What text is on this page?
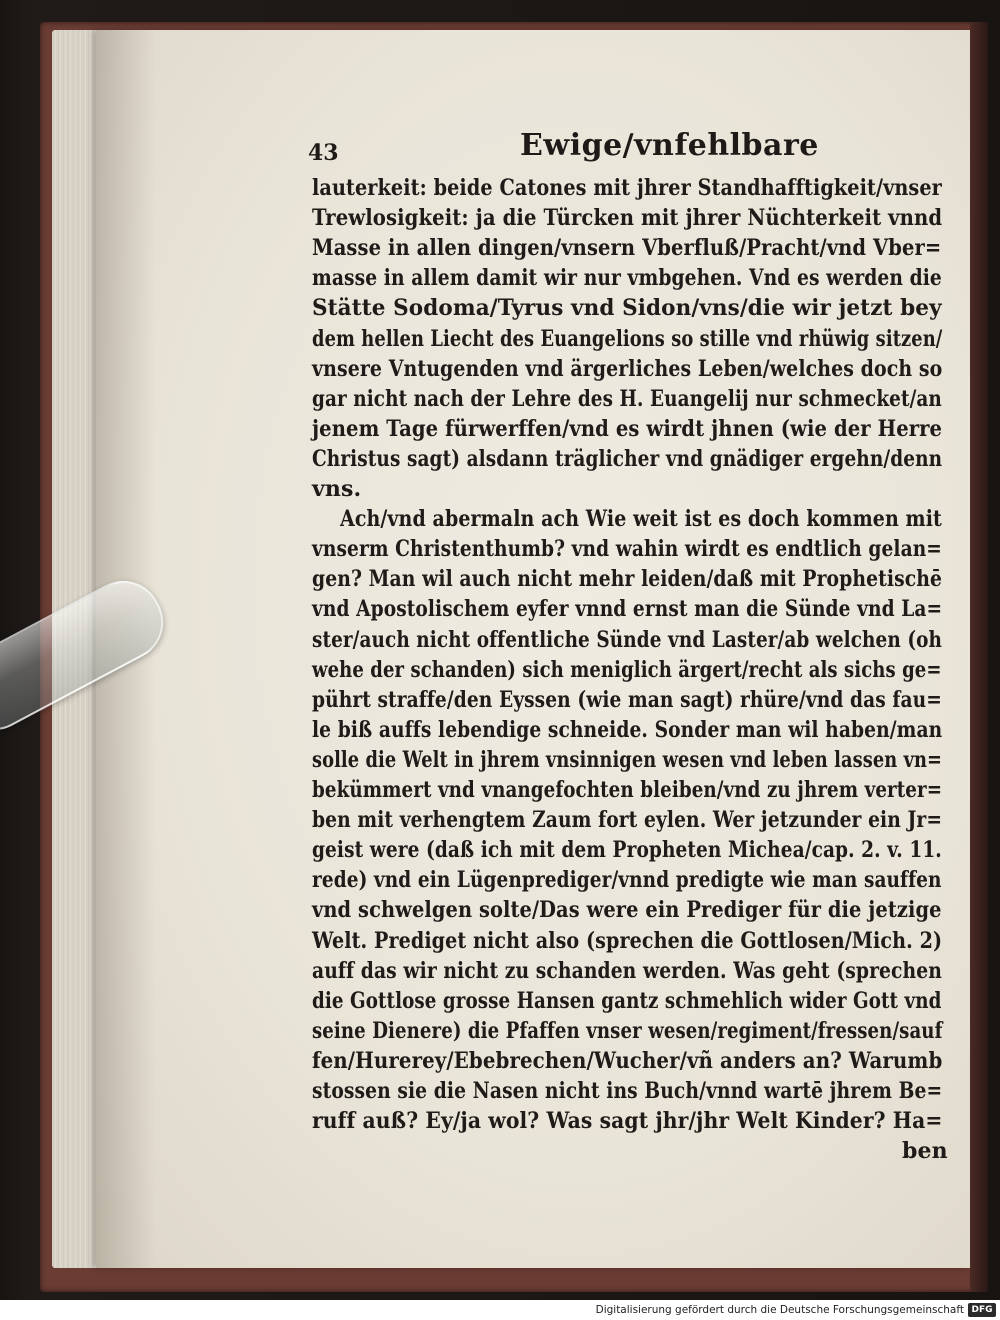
43	Ewige/vnfehlbare
lauterkeit: beide Catones mit jhrer Standhafftigkeit/vnser
Trewlosigkeit: ja die Türcken mit jhrer Nüchterkeit vnnd
Masse in allen dingen/vnsern Vberfluß/Pracht/vnd Vber=
masse in allem damit wir nur vmbgehen. Vnd es werden die
Stätte Sodoma/Tyrus vnd Sidon/vns/die wir jetzt bey
dem hellen Liecht des Euangelions so stille vnd rhüwig sitzen/
vnsere Vntugenden vnd ärgerliches Leben/welches doch so
gar nicht nach der Lehre des H. Euangelij nur schmecket/an
jenem Tage fürwerffen/vnd es wirdt jhnen (wie der Herre
Christus sagt) alsdann träglicher vnd gnädiger ergehn/denn
vns.
Ach/vnd abermaln ach Wie weit ist es doch kommen mit
vnserm Christenthumb? vnd wahin wirdt es endtlich gelan=
gen? Man wil auch nicht mehr leiden/daß mit Prophetischē
vnd Apostolischem eyfer vnnd ernst man die Sünde vnd La=
ster/auch nicht offentliche Sünde vnd Laster/ab welchen (oh
wehe der schanden) sich meniglich ärgert/recht als sichs ge=
pührt straffe/den Eyssen (wie man sagt) rhüre/vnd das fau=
le biß auffs lebendige schneide. Sonder man wil haben/man
solle die Welt in jhrem vnsinnigen wesen vnd leben lassen vn=
bekümmert vnd vnangefochten bleiben/vnd zu jhrem verter=
ben mit verhengtem Zaum fort eylen. Wer jetzunder ein Jr=
geist were (daß ich mit dem Propheten Michea/cap. 2. v. 11.
rede) vnd ein Lügenprediger/vnnd predigte wie man sauffen
vnd schwelgen solte/Das were ein Prediger für die jetzige
Welt. Prediget nicht also (sprechen die Gottlosen/Mich. 2)
auff das wir nicht zu schanden werden. Was geht (sprechen
die Gottlose grosse Hansen gantz schmehlich wider Gott vnd
seine Dienere) die Pfaffen vnser wesen/regiment/fressen/sauf
fen/Hurerey/Ebebrechen/Wucher/vñ anders an? Warumb
stossen sie die Nasen nicht ins Buch/vnnd wartē jhrem Be=
ruff auß? Ey/ja wol? Was sagt jhr/jhr Welt Kinder? Ha=
ben
Digitalisierung gefördert durch die Deutsche Forschungsgemeinschaft DFG
